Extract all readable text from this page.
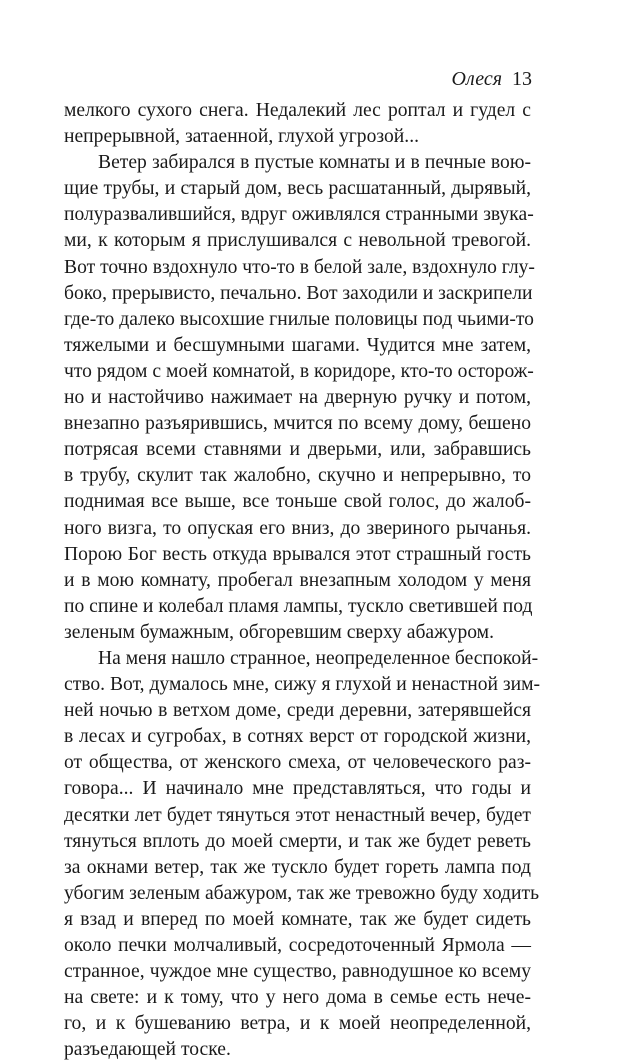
Олеся 13
мелкого сухого снега. Недалекий лес роптал и гудел с
непрерывной, затаенной, глухой угрозой...
Ветер забирался в пустые комнаты и в печные вою-
щие трубы, и старый дом, весь расшатанный, дырявый,
полуразвалившийся, вдруг оживлялся странными звука-
ми, к которым я прислушивался с невольной тревогой.
Вот точно вздохнуло что-то в белой зале, вздохнуло глу-
боко, прерывисто, печально. Вот заходили и заскрипели
где-то далеко высохшие гнилые половицы под чьими-то
тяжелыми и бесшумными шагами. Чудится мне затем,
что рядом с моей комнатой, в коридоре, кто-то осторож-
но и настойчиво нажимает на дверную ручку и потом,
внезапно разъярившись, мчится по всему дому, бешено
потрясая всеми ставнями и дверьми, или, забравшись
в трубу, скулит так жалобно, скучно и непрерывно, то
поднимая все выше, все тоньше свой голос, до жалоб-
ного визга, то опуская его вниз, до звериного рычанья.
Порою Бог весть откуда врывался этот страшный гость
и в мою комнату, пробегал внезапным холодом у меня
по спине и колебал пламя лампы, тускло светившей под
зеленым бумажным, обгоревшим сверху абажуром.
На меня нашло странное, неопределенное беспокой-
ство. Вот, думалось мне, сижу я глухой и ненастной зим-
ней ночью в ветхом доме, среди деревни, затерявшейся
в лесах и сугробах, в сотнях верст от городской жизни,
от общества, от женского смеха, от человеческого раз-
говора... И начинало мне представляться, что годы и
десятки лет будет тянуться этот ненастный вечер, будет
тянуться вплоть до моей смерти, и так же будет реветь
за окнами ветер, так же тускло будет гореть лампа под
убогим зеленым абажуром, так же тревожно буду ходить
я взад и вперед по моей комнате, так же будет сидеть
около печки молчаливый, сосредоточенный Ярмола —
странное, чуждое мне существо, равнодушное ко всему
на свете: и к тому, что у него дома в семье есть нече-
го, и к бушеванию ветра, и к моей неопределенной,
разъедающей тоске.
